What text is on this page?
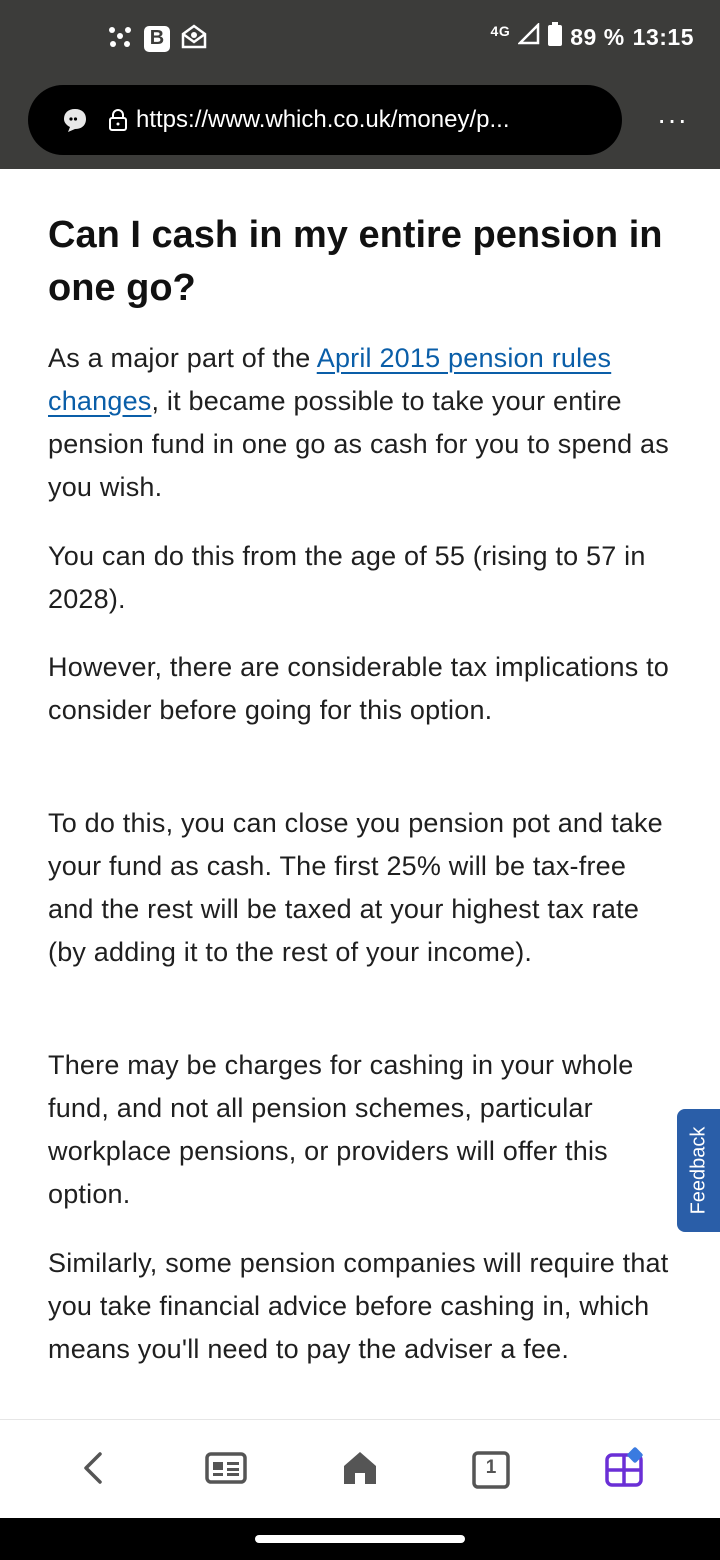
B	4G	89 % 13:15
https://www.which.co.uk/money/p...	···
Can I cash in my entire pension in one go?

As a major part of the April 2015 pension rules changes, it became possible to take your entire pension fund in one go as cash for you to spend as you wish.

You can do this from the age of 55 (rising to 57 in 2028).

However, there are considerable tax implications to consider before going for this option.

To do this, you can close you pension pot and take your fund as cash. The first 25% will be tax-free and the rest will be taxed at your highest tax rate (by adding it to the rest of your income).

There may be charges for cashing in your whole fund, and not all pension schemes, particular workplace pensions, or providers will offer this option.

Similarly, some pension companies will require that you take financial advice before cashing in, which means you'll need to pay the adviser a fee.

Feedback
1
